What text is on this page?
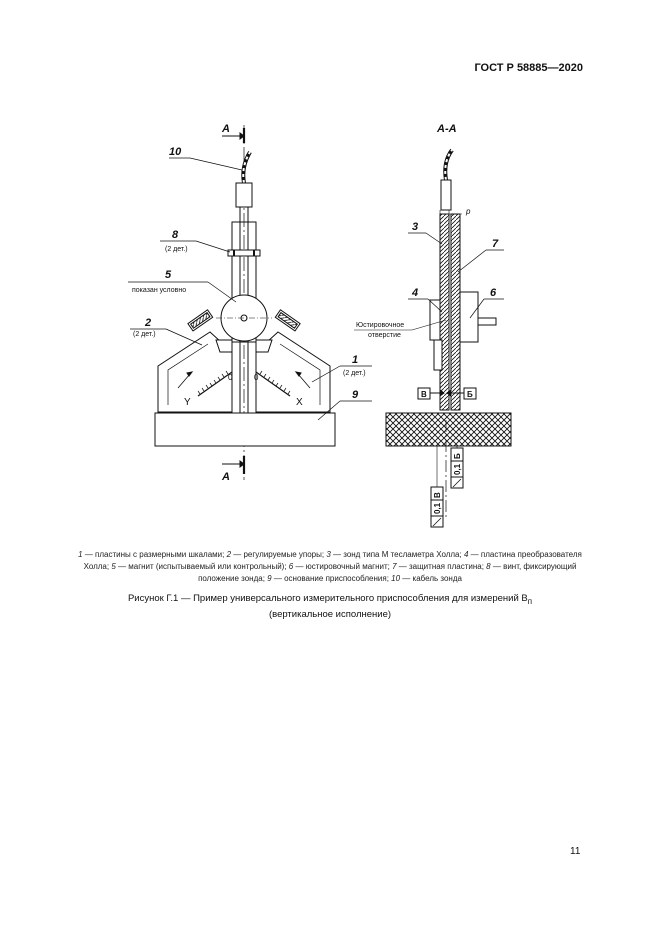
ГОСТ Р 58885—2020
А
А
10
8
(2 дет.)
5
показан условно
2
(2 дет.)
1
(2 дет.)
9
Y	X
0	0
А-А
3
p
7
4	6
Юстировочное
отверстие
В	Б
0,1
В
0,1
Б
1 — пластины с размерными шкалами; 2 — регулируемые упоры; 3 — зонд типа М тесламетра Холла; 4 — пластина преобразователя Холла; 5 — магнит (испытываемый или контрольный); 6 — юстировочный магнит; 7 — защитная пластина; 8 — винт, фиксирующий положение зонда; 9 — основание приспособления; 10 — кабель зонда
Рисунок Г.1 — Пример универсального измерительного приспособления для измерений $B_п$
(вертикальное исполнение)
11
